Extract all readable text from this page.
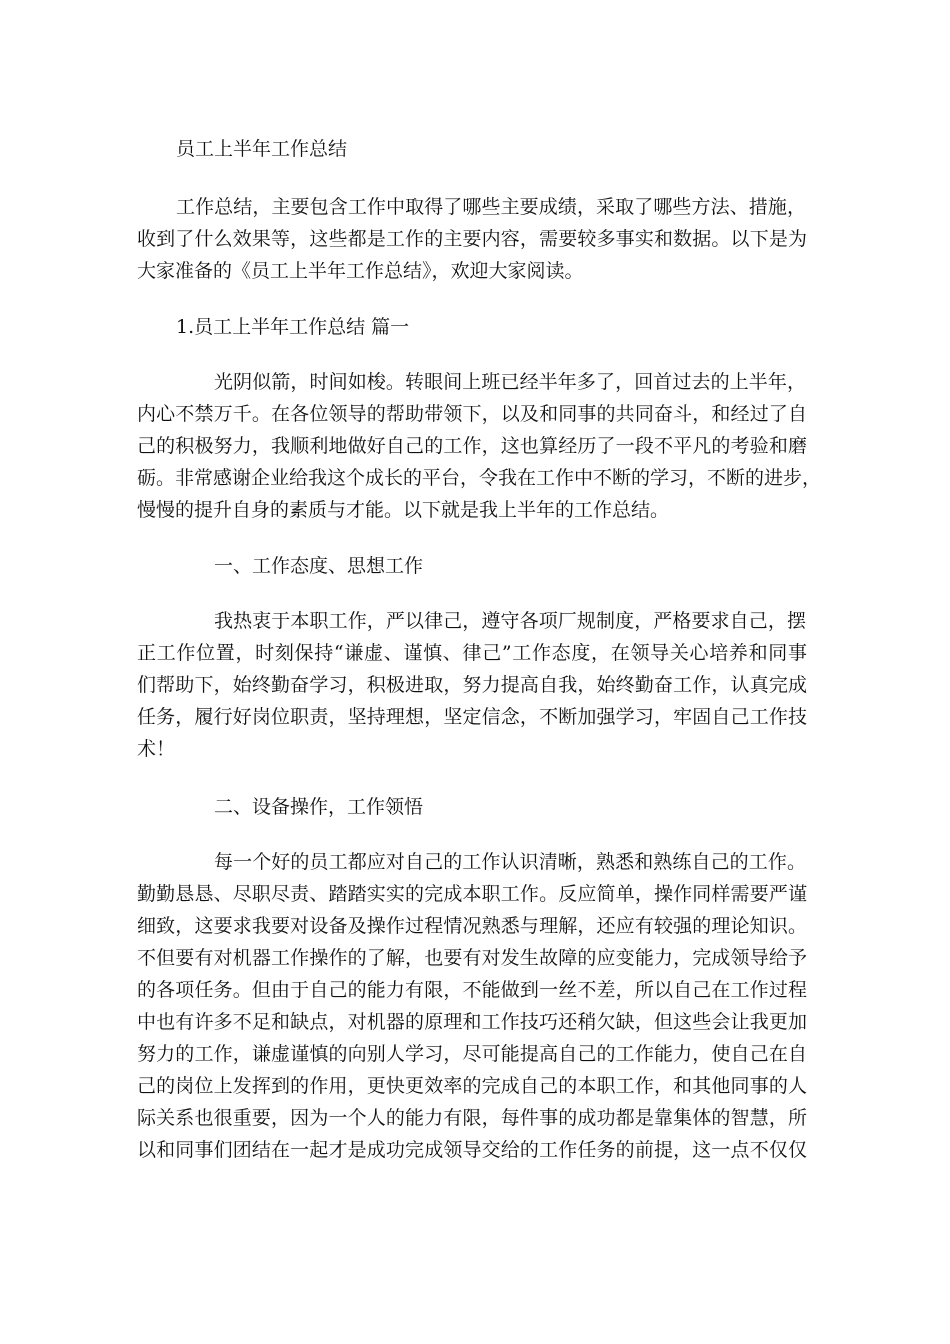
员工上半年工作总结

工作总结，主要包含工作中取得了哪些主要成绩，采取了哪些方法、措施，

收到了什么效果等，这些都是工作的主要内容，需要较多事实和数据。以下是为

大家准备的《员工上半年工作总结》，欢迎大家阅读。

1.员工上半年工作总结 篇一

光阴似箭，时间如梭。转眼间上班已经半年多了，回首过去的上半年，

内心不禁万千。在各位领导的帮助带领下，以及和同事的共同奋斗，和经过了自

己的积极努力，我顺利地做好自己的工作，这也算经历了一段不平凡的考验和磨

砺。非常感谢企业给我这个成长的平台，令我在工作中不断的学习，不断的进步，

慢慢的提升自身的素质与才能。以下就是我上半年的工作总结。

一、工作态度、思想工作

我热衷于本职工作，严以律己，遵守各项厂规制度，严格要求自己，摆

正工作位置，时刻保持“谦虚、谨慎、律己”工作态度，在领导关心培养和同事

们帮助下，始终勤奋学习，积极进取，努力提高自我，始终勤奋工作，认真完成

任务，履行好岗位职责，坚持理想，坚定信念，不断加强学习，牢固自己工作技

术！

二、设备操作，工作领悟

每一个好的员工都应对自己的工作认识清晰，熟悉和熟练自己的工作。

勤勤恳恳、尽职尽责、踏踏实实的完成本职工作。反应简单，操作同样需要严谨

细致，这要求我要对设备及操作过程情况熟悉与理解，还应有较强的理论知识。

不但要有对机器工作操作的了解，也要有对发生故障的应变能力，完成领导给予

的各项任务。但由于自己的能力有限，不能做到一丝不差，所以自己在工作过程

中也有许多不足和缺点，对机器的原理和工作技巧还稍欠缺，但这些会让我更加

努力的工作，谦虚谨慎的向别人学习，尽可能提高自己的工作能力，使自己在自

己的岗位上发挥到的作用，更快更效率的完成自己的本职工作，和其他同事的人

际关系也很重要，因为一个人的能力有限，每件事的成功都是靠集体的智慧，所

以和同事们团结在一起才是成功完成领导交给的工作任务的前提，这一点不仅仅
